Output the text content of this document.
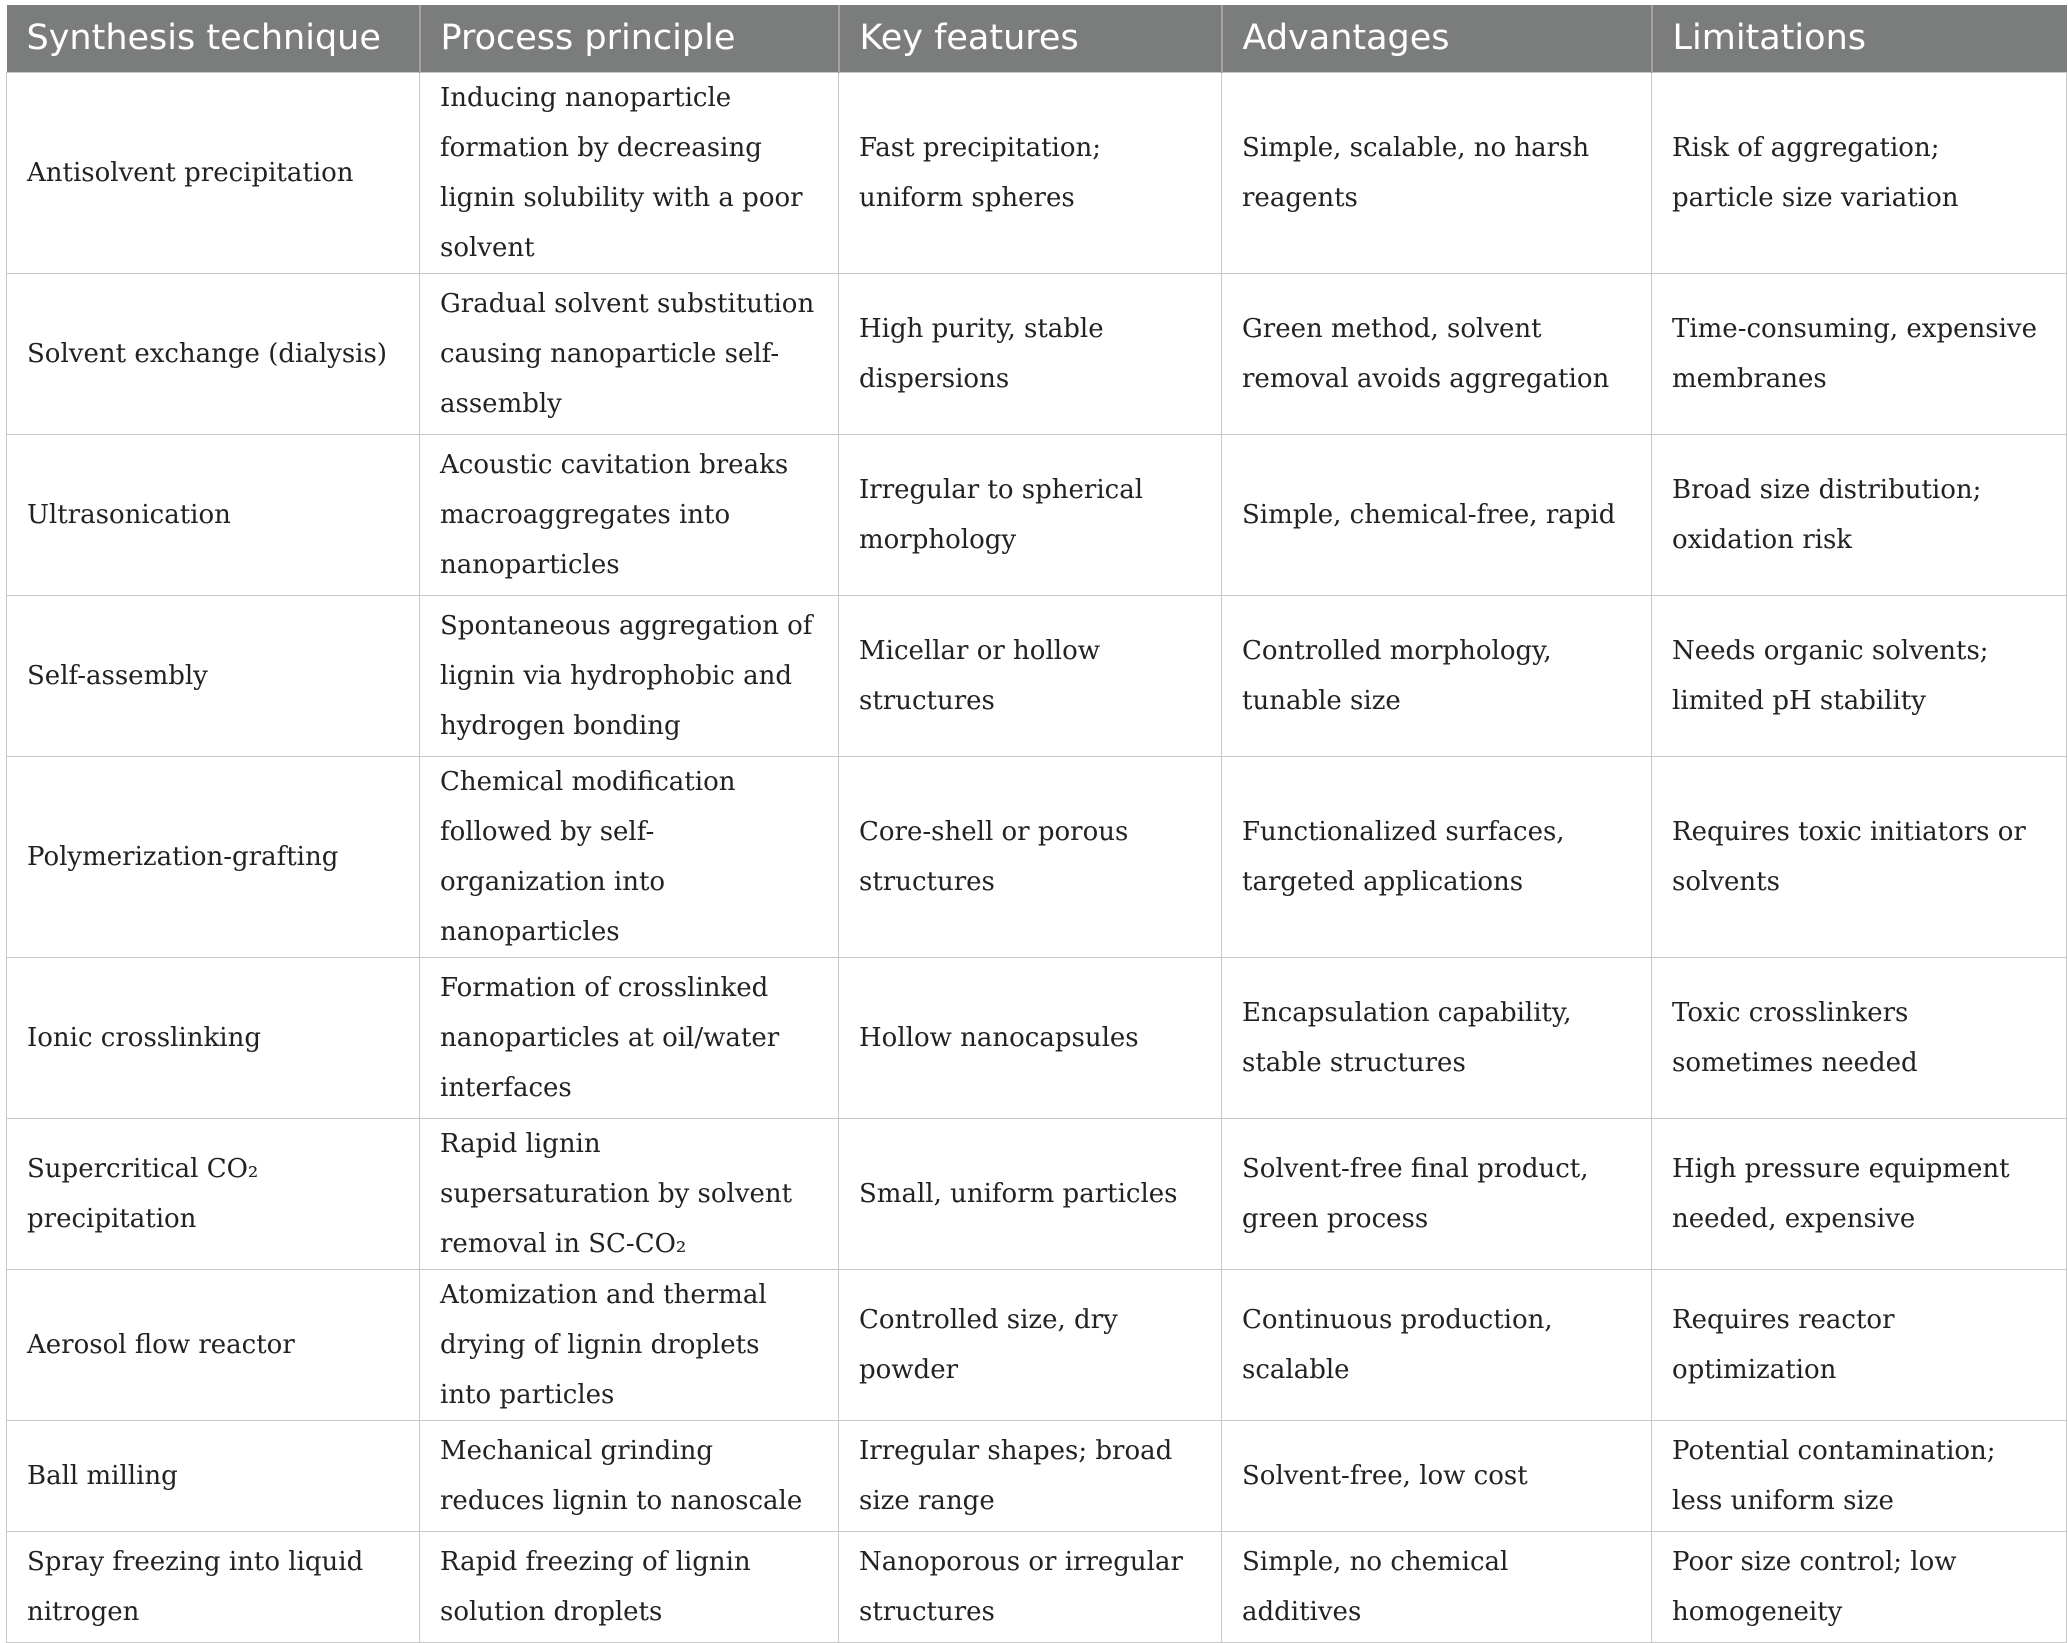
Synthesis technique	Process principle	Key features	Advantages	Limitations
Antisolvent precipitation	Inducing nanoparticle formation by decreasing lignin solubility with a poor solvent	Fast precipitation; uniform spheres	Simple, scalable, no harsh reagents	Risk of aggregation; particle size variation
Solvent exchange (dialysis)	Gradual solvent substitution causing nanoparticle self-assembly	High purity, stable dispersions	Green method, solvent removal avoids aggregation	Time-consuming, expensive membranes
Ultrasonication	Acoustic cavitation breaks macroaggregates into nanoparticles	Irregular to spherical morphology	Simple, chemical-free, rapid	Broad size distribution; oxidation risk
Self-assembly	Spontaneous aggregation of lignin via hydrophobic and hydrogen bonding	Micellar or hollow structures	Controlled morphology, tunable size	Needs organic solvents; limited pH stability
Polymerization-grafting	Chemical modification followed by self-organization into nanoparticles	Core-shell or porous structures	Functionalized surfaces, targeted applications	Requires toxic initiators or solvents
Ionic crosslinking	Formation of crosslinked nanoparticles at oil/water interfaces	Hollow nanocapsules	Encapsulation capability, stable structures	Toxic crosslinkers sometimes needed
Supercritical CO₂ precipitation	Rapid lignin supersaturation by solvent removal in SC-CO₂	Small, uniform particles	Solvent-free final product, green process	High pressure equipment needed, expensive
Aerosol flow reactor	Atomization and thermal drying of lignin droplets into particles	Controlled size, dry powder	Continuous production, scalable	Requires reactor optimization
Ball milling	Mechanical grinding reduces lignin to nanoscale	Irregular shapes; broad size range	Solvent-free, low cost	Potential contamination; less uniform size
Spray freezing into liquid nitrogen	Rapid freezing of lignin solution droplets	Nanoporous or irregular structures	Simple, no chemical additives	Poor size control; low homogeneity
